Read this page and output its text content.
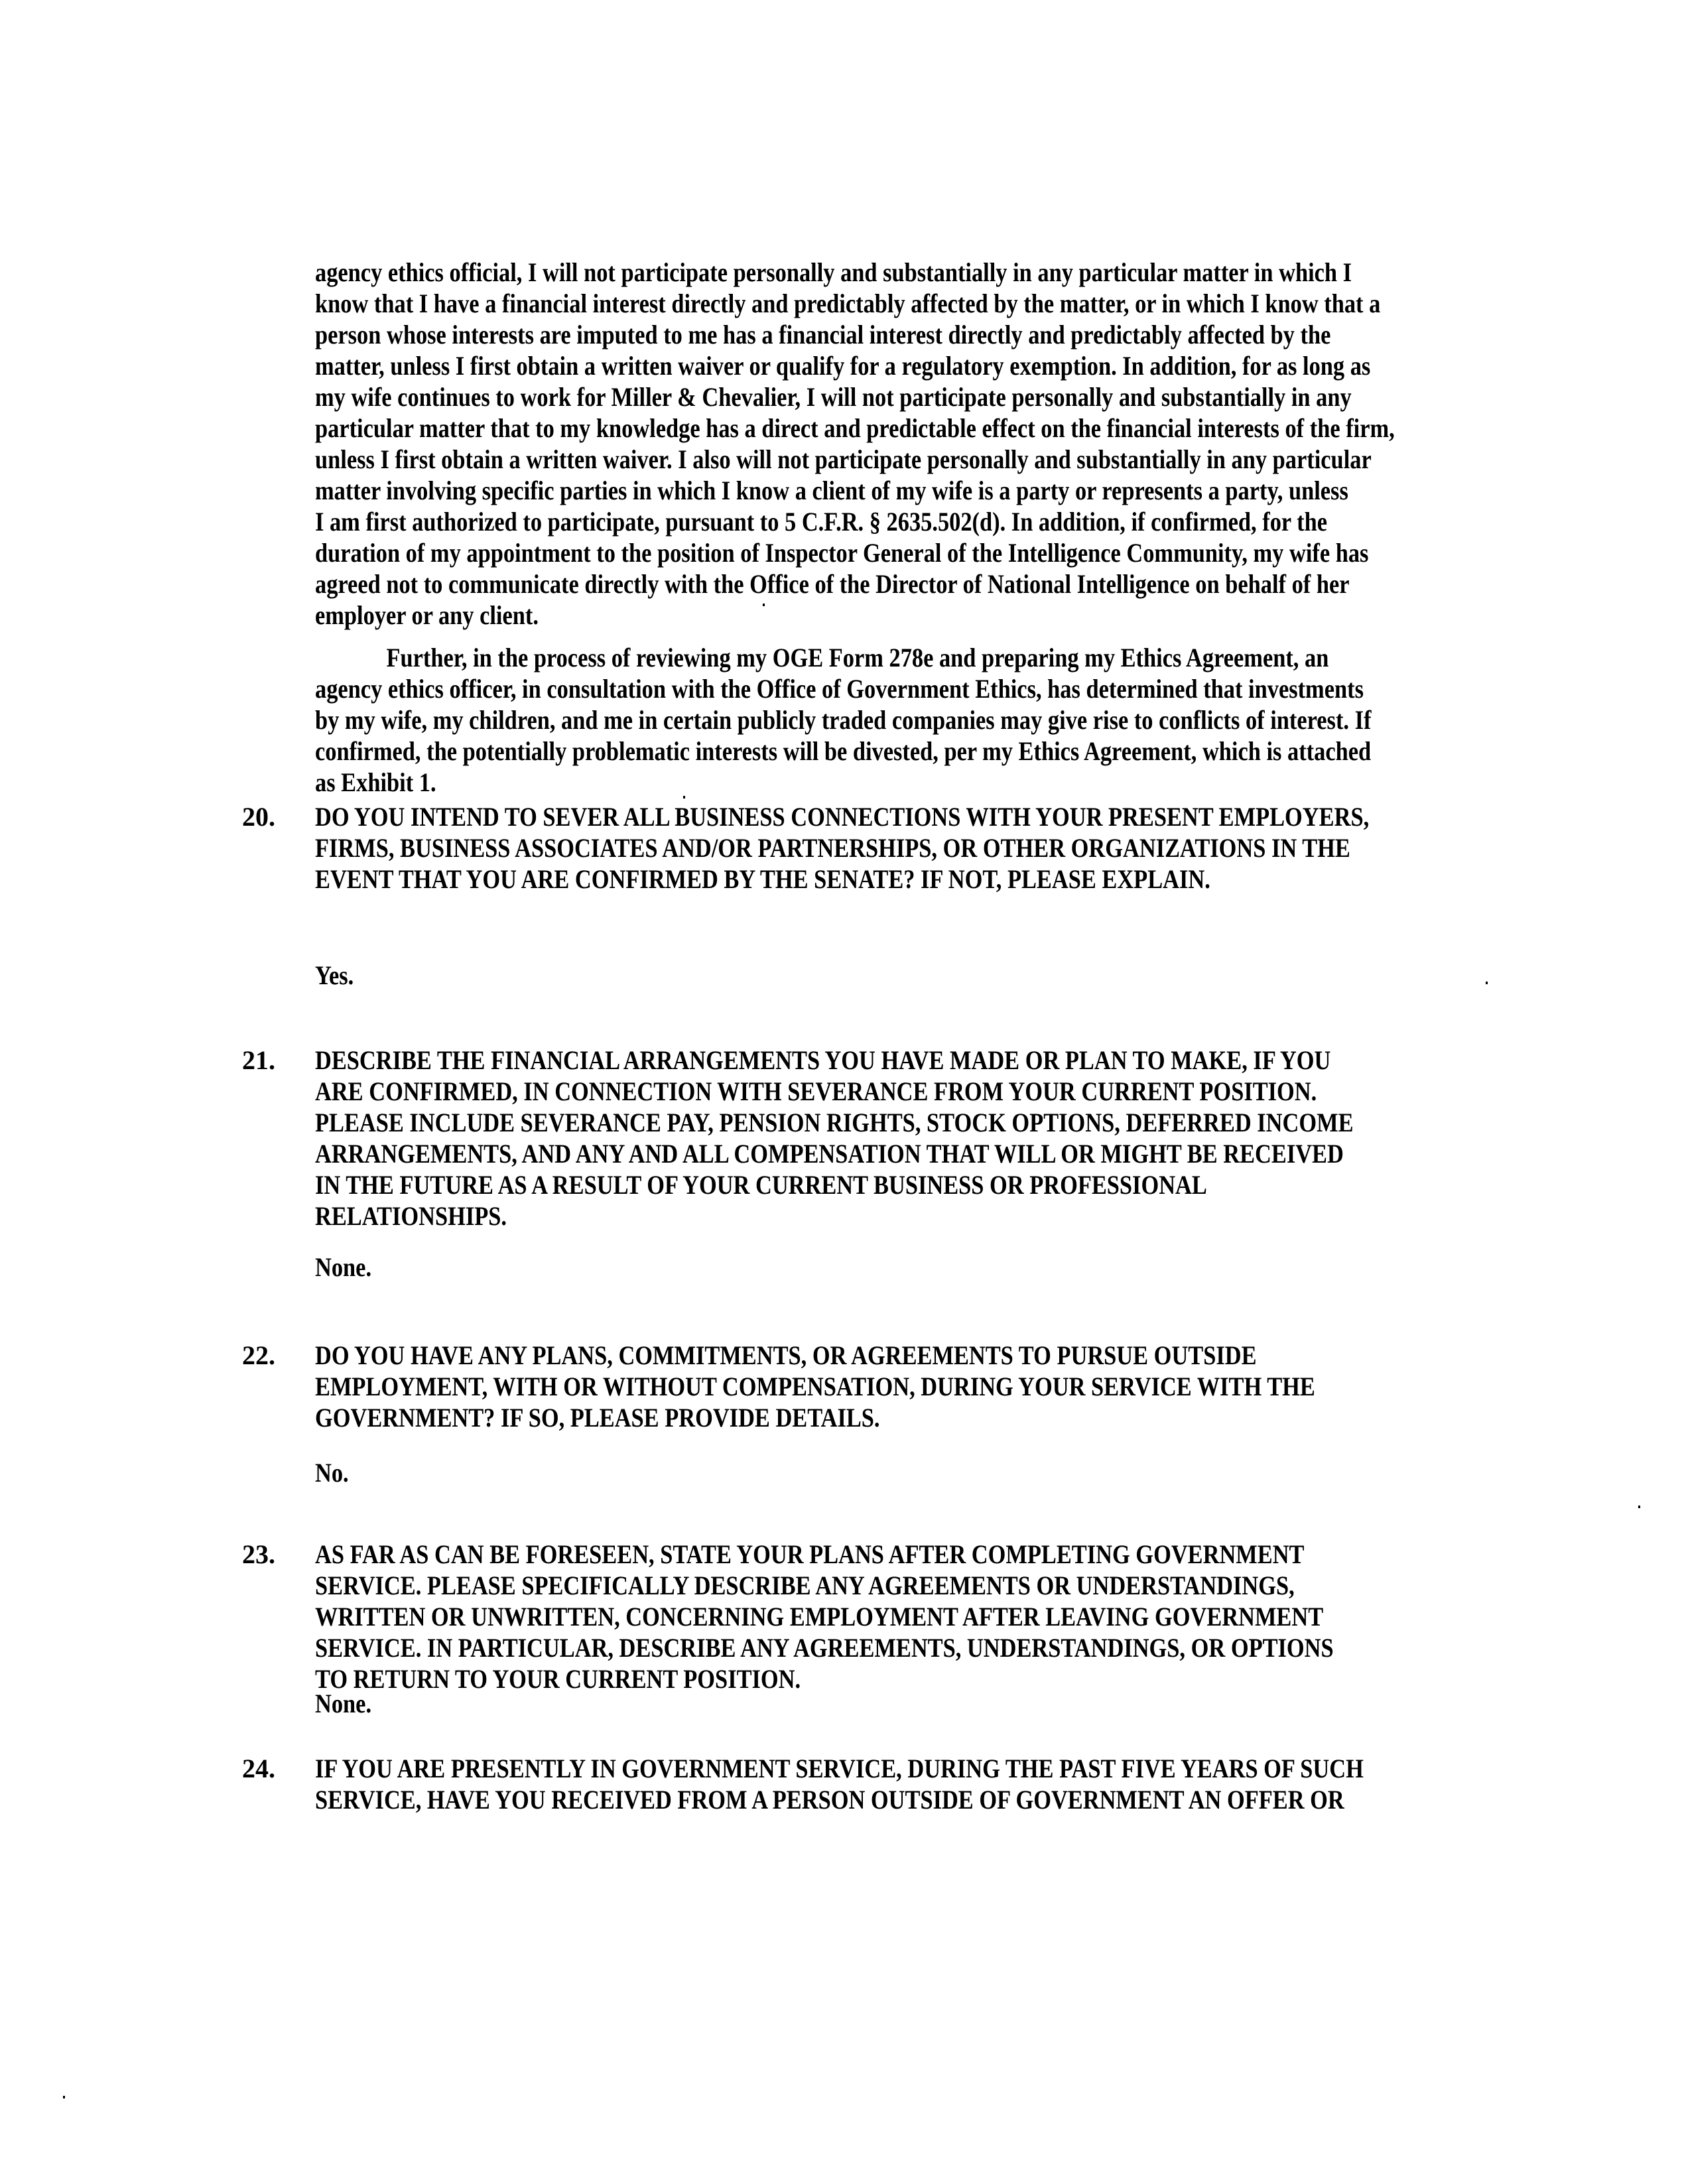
agency ethics official, I will not participate personally and substantially in any particular matter in which I
know that I have a financial interest directly and predictably affected by the matter, or in which I know that a
person whose interests are imputed to me has a financial interest directly and predictably affected by the
matter, unless I first obtain a written waiver or qualify for a regulatory exemption. In addition, for as long as
my wife continues to work for Miller & Chevalier, I will not participate personally and substantially in any
particular matter that to my knowledge has a direct and predictable effect on the financial interests of the firm,
unless I first obtain a written waiver. I also will not participate personally and substantially in any particular
matter involving specific parties in which I know a client of my wife is a party or represents a party, unless
I am first authorized to participate, pursuant to 5 C.F.R. § 2635.502(d). In addition, if confirmed, for the
duration of my appointment to the position of Inspector General of the Intelligence Community, my wife has
agreed not to communicate directly with the Office of the Director of National Intelligence on behalf of her
employer or any client.
Further, in the process of reviewing my OGE Form 278e and preparing my Ethics Agreement, an
agency ethics officer, in consultation with the Office of Government Ethics, has determined that investments
by my wife, my children, and me in certain publicly traded companies may give rise to conflicts of interest. If
confirmed, the potentially problematic interests will be divested, per my Ethics Agreement, which is attached
as Exhibit 1.
20. DO YOU INTEND TO SEVER ALL BUSINESS CONNECTIONS WITH YOUR PRESENT EMPLOYERS,
FIRMS, BUSINESS ASSOCIATES AND/OR PARTNERSHIPS, OR OTHER ORGANIZATIONS IN THE
EVENT THAT YOU ARE CONFIRMED BY THE SENATE? IF NOT, PLEASE EXPLAIN.
Yes.
21. DESCRIBE THE FINANCIAL ARRANGEMENTS YOU HAVE MADE OR PLAN TO MAKE, IF YOU
ARE CONFIRMED, IN CONNECTION WITH SEVERANCE FROM YOUR CURRENT POSITION.
PLEASE INCLUDE SEVERANCE PAY, PENSION RIGHTS, STOCK OPTIONS, DEFERRED INCOME
ARRANGEMENTS, AND ANY AND ALL COMPENSATION THAT WILL OR MIGHT BE RECEIVED
IN THE FUTURE AS A RESULT OF YOUR CURRENT BUSINESS OR PROFESSIONAL
RELATIONSHIPS.
None.
22. DO YOU HAVE ANY PLANS, COMMITMENTS, OR AGREEMENTS TO PURSUE OUTSIDE
EMPLOYMENT, WITH OR WITHOUT COMPENSATION, DURING YOUR SERVICE WITH THE
GOVERNMENT? IF SO, PLEASE PROVIDE DETAILS.
No.
23. AS FAR AS CAN BE FORESEEN, STATE YOUR PLANS AFTER COMPLETING GOVERNMENT
SERVICE. PLEASE SPECIFICALLY DESCRIBE ANY AGREEMENTS OR UNDERSTANDINGS,
WRITTEN OR UNWRITTEN, CONCERNING EMPLOYMENT AFTER LEAVING GOVERNMENT
SERVICE. IN PARTICULAR, DESCRIBE ANY AGREEMENTS, UNDERSTANDINGS, OR OPTIONS
TO RETURN TO YOUR CURRENT POSITION.
None.
24. IF YOU ARE PRESENTLY IN GOVERNMENT SERVICE, DURING THE PAST FIVE YEARS OF SUCH
SERVICE, HAVE YOU RECEIVED FROM A PERSON OUTSIDE OF GOVERNMENT AN OFFER OR
